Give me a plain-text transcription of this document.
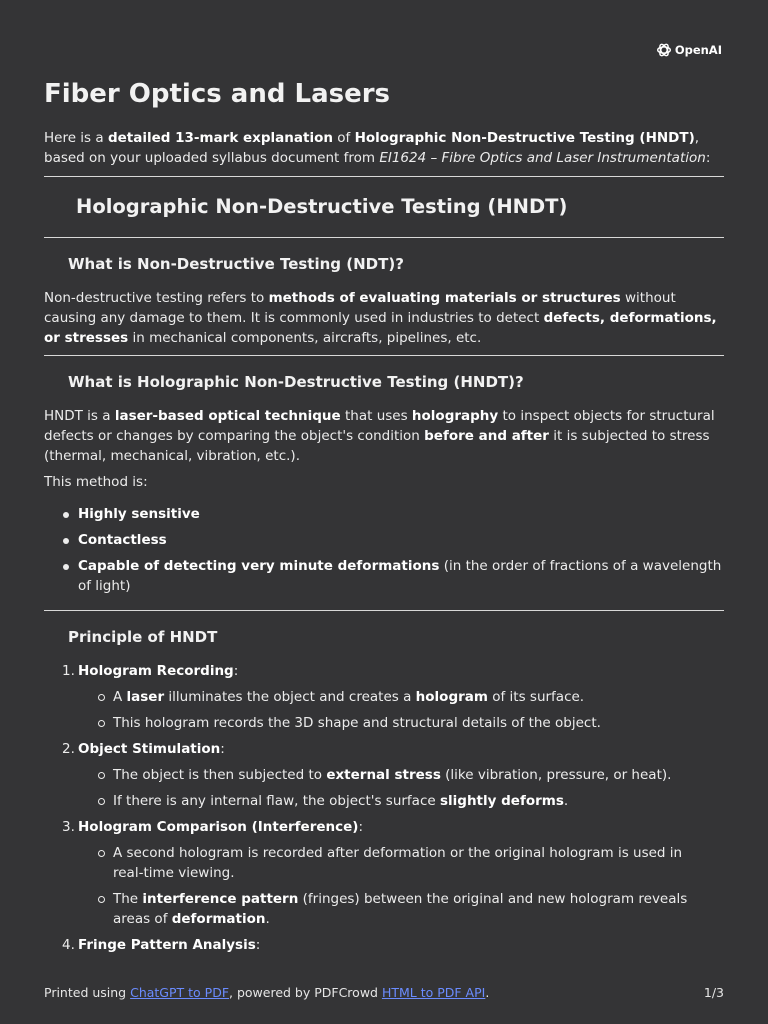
OpenAI
Fiber Optics and Lasers

Here is a detailed 13-mark explanation of Holographic Non-Destructive Testing (HNDT), based on your uploaded syllabus document from EI1624 – Fibre Optics and Laser Instrumentation:

Holographic Non-Destructive Testing (HNDT)
What is Non-Destructive Testing (NDT)?

Non-destructive testing refers to methods of evaluating materials or structures without causing any damage to them. It is commonly used in industries to detect defects, deformations, or stresses in mechanical components, aircrafts, pipelines, etc.

What is Holographic Non-Destructive Testing (HNDT)?

HNDT is a laser-based optical technique that uses holography to inspect objects for structural defects or changes by comparing the object's condition before and after it is subjected to stress (thermal, mechanical, vibration, etc.).

This method is:

Highly sensitive
Contactless
Capable of detecting very minute deformations (in the order of fractions of a wavelength of light)
Principle of HNDT
1. Hologram Recording:
A laser illuminates the object and creates a hologram of its surface.
This hologram records the 3D shape and structural details of the object.
2. Object Stimulation:
The object is then subjected to external stress (like vibration, pressure, or heat).
If there is any internal flaw, the object's surface slightly deforms.
3. Hologram Comparison (Interference):
A second hologram is recorded after deformation or the original hologram is used in real-time viewing.
The interference pattern (fringes) between the original and new hologram reveals areas of deformation.
4. Fringe Pattern Analysis:
Printed using ChatGPT to PDF, powered by PDFCrowd HTML to PDF API.	1/3
